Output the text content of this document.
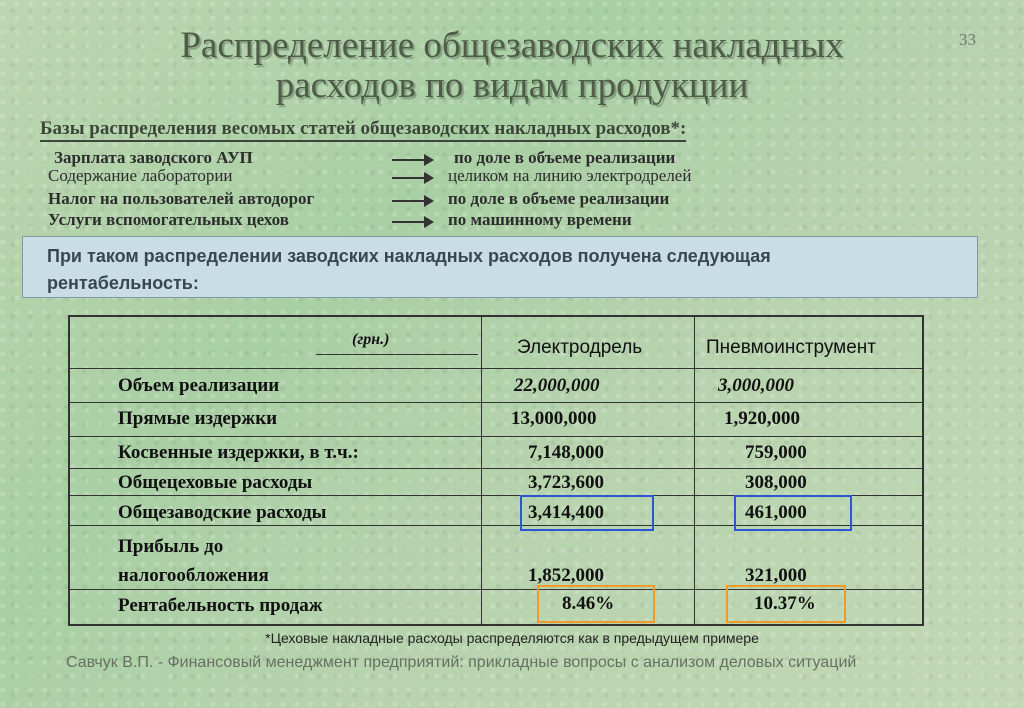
Распределение общезаводских накладных
расходов по видам продукции
33
Базы распределения весомых статей общезаводских накладных расходов*:
Зарплата заводского АУП	по доле в объеме реализации
Содержание лаборатории	целиком на линию электродрелей
Налог на пользователей автодорог	по доле в объеме реализации
Услуги вспомогательных цехов	по машинному времени
При таком распределении заводских накладных расходов получена следующая
рентабельность:
(грн.)	Электродрель	Пневмоинструмент
Объем реализации	22,000,000	3,000,000
Прямые издержки	13,000,000	1,920,000
Косвенные издержки, в т.ч.:	7,148,000	759,000
Общецеховые расходы	3,723,600	308,000
Общезаводские расходы	3,414,400	461,000
Прибыль до
налогообложения	1,852,000	321,000
Рентабельность продаж	8.46%	10.37%
*Цеховые накладные расходы распределяются как в предыдущем примере
Савчук В.П. - Финансовый менеджмент предприятий: прикладные вопросы с анализом деловых ситуаций
